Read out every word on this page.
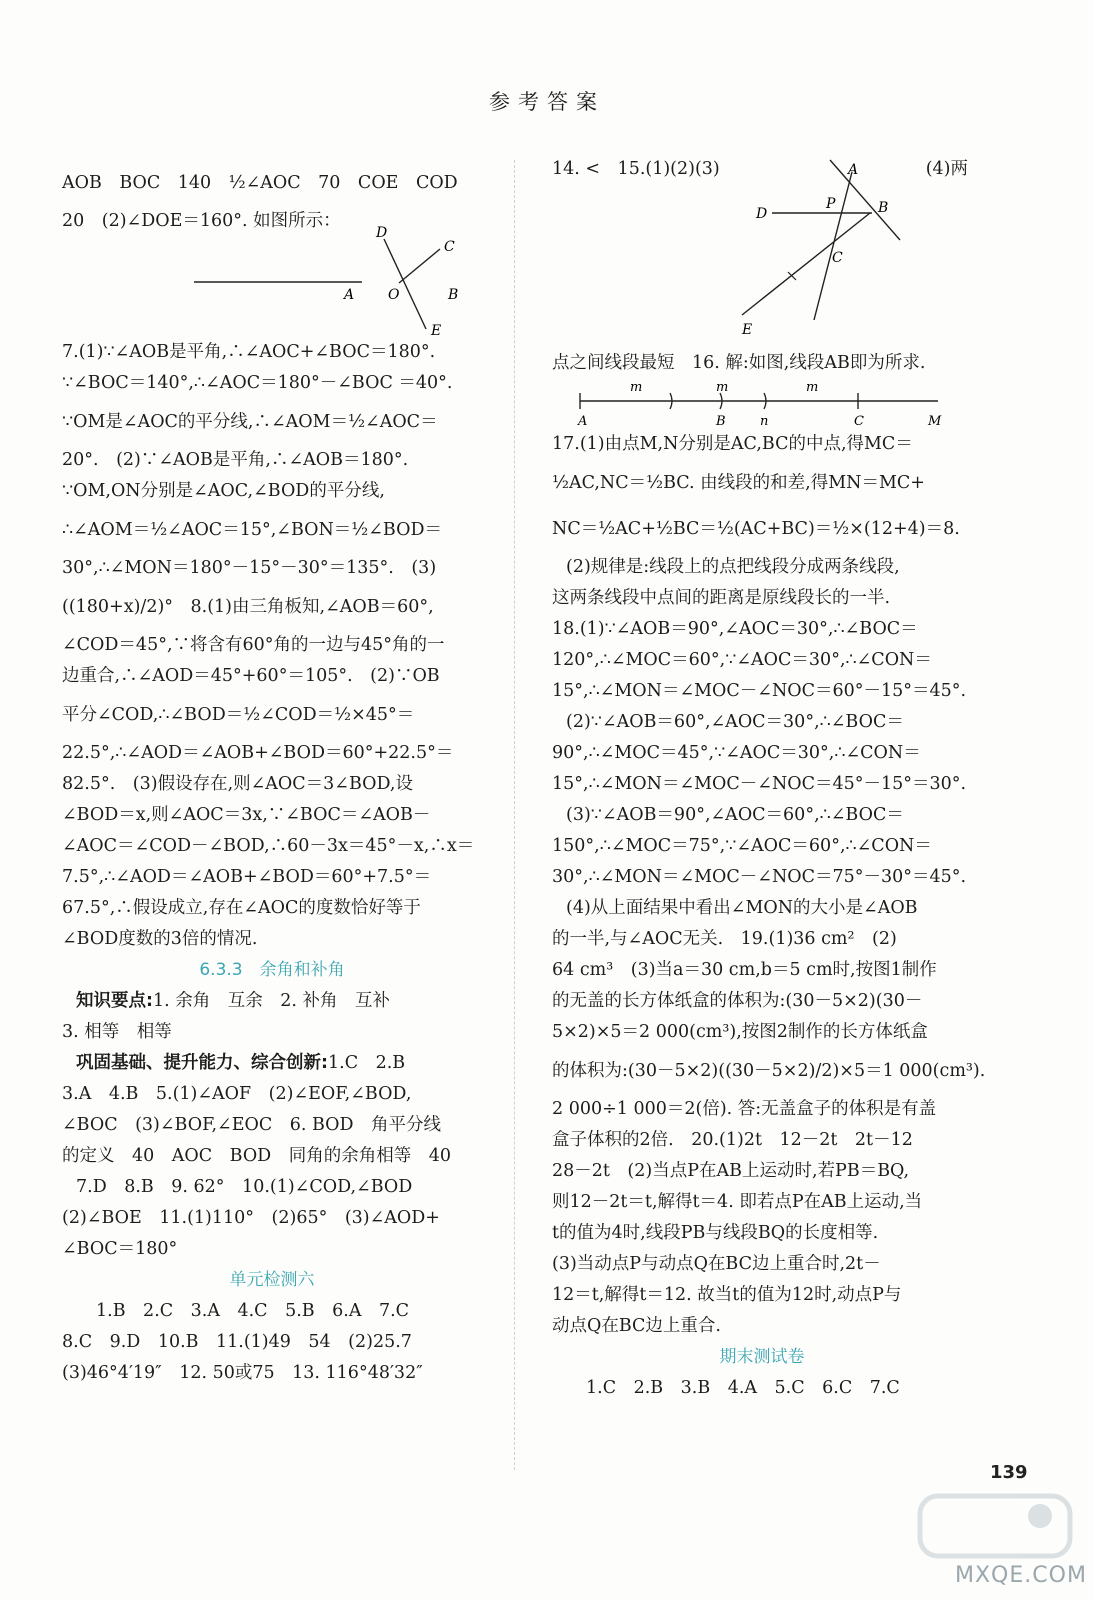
参考答案
AOB　BOC　140　½∠AOC　70　COE　COD
20　(2)∠DOE＝160°. 如图所示：
D
C
A O	B
E
7.(1)∵∠AOB是平角,∴∠AOC+∠BOC＝180°.
∵∠BOC＝140°,∴∠AOC＝180°－∠BOC ＝40°.
∵OM是∠AOC的平分线,∴∠AOM＝½∠AOC＝
20°.　(2)∵∠AOB是平角,∴∠AOB＝180°.
∵OM,ON分别是∠AOC,∠BOD的平分线,
∴∠AOM＝½∠AOC＝15°,∠BON＝½∠BOD＝
30°,∴∠MON＝180°－15°－30°＝135°.　(3)
((180+x)/2)°　8.(1)由三角板知,∠AOB＝60°,
∠COD＝45°,∵将含有60°角的一边与45°角的一
边重合,∴∠AOD＝45°+60°＝105°.　(2)∵OB
平分∠COD,∴∠BOD＝½∠COD＝½×45°＝
22.5°,∴∠AOD＝∠AOB+∠BOD＝60°+22.5°＝
82.5°.　(3)假设存在,则∠AOC＝3∠BOD,设
∠BOD＝x,则∠AOC＝3x,∵∠BOC＝∠AOB－
∠AOC＝∠COD－∠BOD,∴60－3x＝45°－x,∴x＝
7.5°,∴∠AOD＝∠AOB+∠BOD＝60°+7.5°＝
67.5°,∴假设成立,存在∠AOC的度数恰好等于
∠BOD度数的3倍的情况.
6.3.3　余角和补角
知识要点:1. 余角　互余　2. 补角　互补
3. 相等　相等
巩固基础、提升能力、综合创新:1.C　2.B
3.A　4.B　5.(1)∠AOF　(2)∠EOF,∠BOD,
∠BOC　(3)∠BOF,∠EOC　6. BOD　角平分线
的定义　40　AOC　BOD　同角的余角相等　40
7.D　8.B　9. 62°　10.(1)∠COD,∠BOD
(2)∠BOE　11.(1)110°　(2)65°　(3)∠AOD+
∠BOC＝180°
单元检测六
1.B　2.C　3.A　4.C　5.B　6.A　7.C
8.C　9.D　10.B　11.(1)49　54　(2)25.7
(3)46°4′19″　12. 50或75　13. 116°48′32″
14. <　15.(1)(2)(3)	(4)两
A
P	B
D
C
E
点之间线段最短　16. 解:如图,线段AB即为所求.
m	m	m
A	B	n	C	M
17.(1)由点M,N分别是AC,BC的中点,得MC＝
½AC,NC＝½BC. 由线段的和差,得MN＝MC+
NC＝½AC+½BC＝½(AC+BC)＝½×(12+4)＝8.
(2)规律是:线段上的点把线段分成两条线段,
这两条线段中点间的距离是原线段长的一半.
18.(1)∵∠AOB＝90°,∠AOC＝30°,∴∠BOC＝
120°,∴∠MOC＝60°,∵∠AOC＝30°,∴∠CON＝
15°,∴∠MON＝∠MOC－∠NOC＝60°－15°＝45°.
(2)∵∠AOB＝60°,∠AOC＝30°,∴∠BOC＝
90°,∴∠MOC＝45°,∵∠AOC＝30°,∴∠CON＝
15°,∴∠MON＝∠MOC－∠NOC＝45°－15°＝30°.
(3)∵∠AOB＝90°,∠AOC＝60°,∴∠BOC＝
150°,∴∠MOC＝75°,∵∠AOC＝60°,∴∠CON＝
30°,∴∠MON＝∠MOC－∠NOC＝75°－30°＝45°.
(4)从上面结果中看出∠MON的大小是∠AOB
的一半,与∠AOC无关.　19.(1)36 cm²　(2)
64 cm³　(3)当a＝30 cm,b＝5 cm时,按图1制作
的无盖的长方体纸盒的体积为:(30－5×2)(30－
5×2)×5＝2 000(cm³),按图2制作的长方体纸盒
的体积为:(30－5×2)((30－5×2)/2)×5＝1 000(cm³).
2 000÷1 000＝2(倍). 答:无盖盒子的体积是有盖
盒子体积的2倍.　20.(1)2t　12－2t　2t－12
28－2t　(2)当点P在AB上运动时,若PB＝BQ,
则12－2t＝t,解得t＝4. 即若点P在AB上运动,当
t的值为4时,线段PB与线段BQ的长度相等.
(3)当动点P与动点Q在BC边上重合时,2t－
12＝t,解得t＝12. 故当t的值为12时,动点P与
动点Q在BC边上重合.
期末测试卷
1.C　2.B　3.B　4.A　5.C　6.C　7.C
139
MXQE.COM
